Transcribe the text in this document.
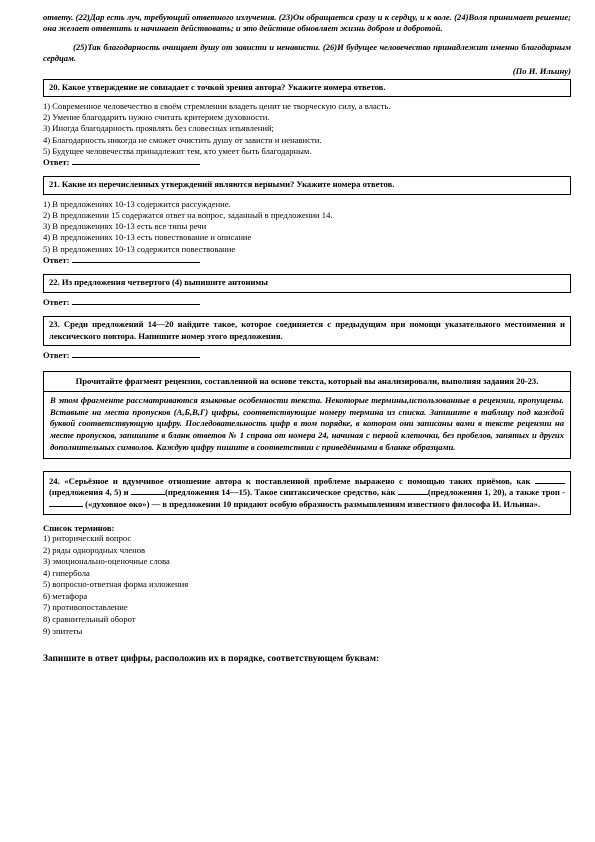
ответу. (22)Дар есть луч, требующий ответного излучения. (23)Он обращается сразу и к сердцу, и к воле. (24)Воля принимает решение; она желает ответить и начинает действовать; и это действие обновляет жизнь добром и добротой.

(25)Так благодарность очищает душу от зависти и ненависти. (26)И будущее человечество принадлежит именно благодарным сердцам.

(По И. Ильину)

20. Какое утверждение не совпадает с точкой зрения автора? Укажите номера ответов.

1) Современное человечество в своём стремлении владеть ценит не творческую силу, а власть.

2) Умение благодарить нужно считать критерием духовности.

3) Иногда благодарность проявлять без словесных изъявлений;

4) Благодарность никогда не сможет очистить душу от зависти и ненависти.

5) Будущее человечества принадлежит тем, кто умеет быть благодарным.

Ответ:

21. Какие из перечисленных утверждений являются верными? Укажите номера ответов.

1) В предложениях 10-13 содержится рассуждение.

2) В предложении 15 содержатся ответ на вопрос, заданный в предложении 14.

3) В предложениях 10-13 есть все типы речи

4) В предложениях 10-13 есть повествование и описание

5) В предложениях 10-13 содержится повествование

Ответ:

22. Из предложения четвертого (4) выпишите антонимы

Ответ:

23. Среди предложений 14—20 найдите такое, которое соединяется с предыдущим при помощи указательного местоимения и лексического повтора. Напишите номер этого предложения.

Ответ:

Прочитайте фрагмент рецензии, составленной на основе текста, который вы анализировали, выполняя задания 20-23.
В этом фрагменте рассматриваются языковые особенности текста. Некоторые термины,использованные в рецензии, пропущены. Вставьте на места пропусков (А,Б,В,Г) цифры, соответствующие номеру термина из списка. Запишите в таблицу под каждой буквой соответствующую цифру. Последовательность цифр в том порядке, в котором они записаны вами в тексте рецензии на месте пропусков, запишите в бланк ответов № 1 справа от номера 24, начиная с первой клеточки, без пробелов, запятых и других дополнительных символов. Каждую цифру пишите в соответствии с приведёнными в бланке образцами.
24. «Серьёзное и вдумчивое отношение автора к поставленной проблеме выражено с помощью таких приёмов, как  (предложения 4, 5) и	(предложения 14—15). Такое синтаксическое средство, как	(предложения 1, 20), а также троп -  («духовное око») — в предложении 10 придают особую образность размышлениям известного философа И. Ильина».
Список терминов:

1) риторический вопрос

2) ряды однородных членов

3) эмоционально-оценочные слова

4) гипербола

5) вопросно-ответная форма изложения

6) метафора

7) противопоставление

8) сравнительный оборот

9) эпитеты

Запишите в ответ цифры, расположив их в порядке, соответствующем буквам:
